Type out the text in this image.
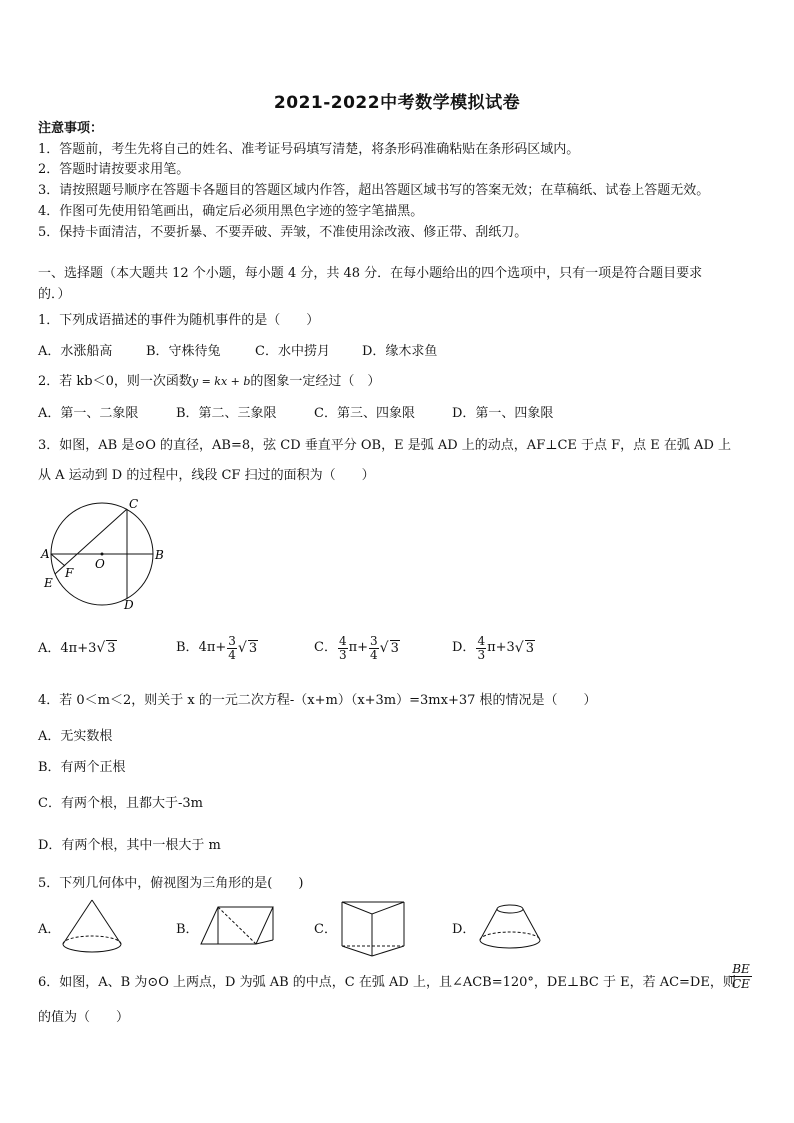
2021-2022中考数学模拟试卷
注意事项：
1．答题前，考生先将自己的姓名、准考证号码填写清楚，将条形码准确粘贴在条形码区域内。
2．答题时请按要求用笔。
3．请按照题号顺序在答题卡各题目的答题区域内作答，超出答题区域书写的答案无效；在草稿纸、试卷上答题无效。
4．作图可先使用铅笔画出，确定后必须用黑色字迹的签字笔描黑。
5．保持卡面清洁，不要折暴、不要弄破、弄皱，不准使用涂改液、修正带、刮纸刀。
一、选择题（本大题共 12 个小题，每小题 4 分，共 48 分．在每小题给出的四个选项中，只有一项是符合题目要求
的．）
1．下列成语描述的事件为随机事件的是（　　）
A．水涨船高	B．守株待兔	C．水中捞月 D．缘木求鱼
2．若 kb＜0，则一次函数y = kx + b的图象一定经过（　）
A．第一、二象限	B．第二、三象限	C．第三、四象限	D．第一、四象限
3．如图，AB 是⊙O 的直径，AB=8，弦 CD 垂直平分 OB，E 是弧 AD 上的动点，AF⊥CE 于点 F，点 E 在弧 AD 上
从 A 运动到 D 的过程中，线段 CF 扫过的面积为（　　）
C
A	B
O
F
E
D
A．4π+3√ 3	B． $4\pi+ \frac{3}{4}$ √ 3	C． $\frac{4}{3} \pi+ \frac{3}{4}$ √ 3	D． $\frac{4}{3} \pi+3$ √ 3
4．若 0＜m＜2，则关于 x 的一元二次方程-（x+m）（x+3m）=3mx+37 根的情况是（　　）
A．无实数根
B．有两个正根
C．有两个根，且都大于-3m
D．有两个根，其中一根大于 m
5．下列几何体中，俯视图为三角形的是(　　)
A．	B．	C．	D．
6．如图，A、B 为⊙O 上两点，D 为弧 AB 的中点，C 在弧 AD 上，且∠ACB=120°，DE⊥BC 于 E，若 AC=DE，则
BE
CE
的值为（　　）
